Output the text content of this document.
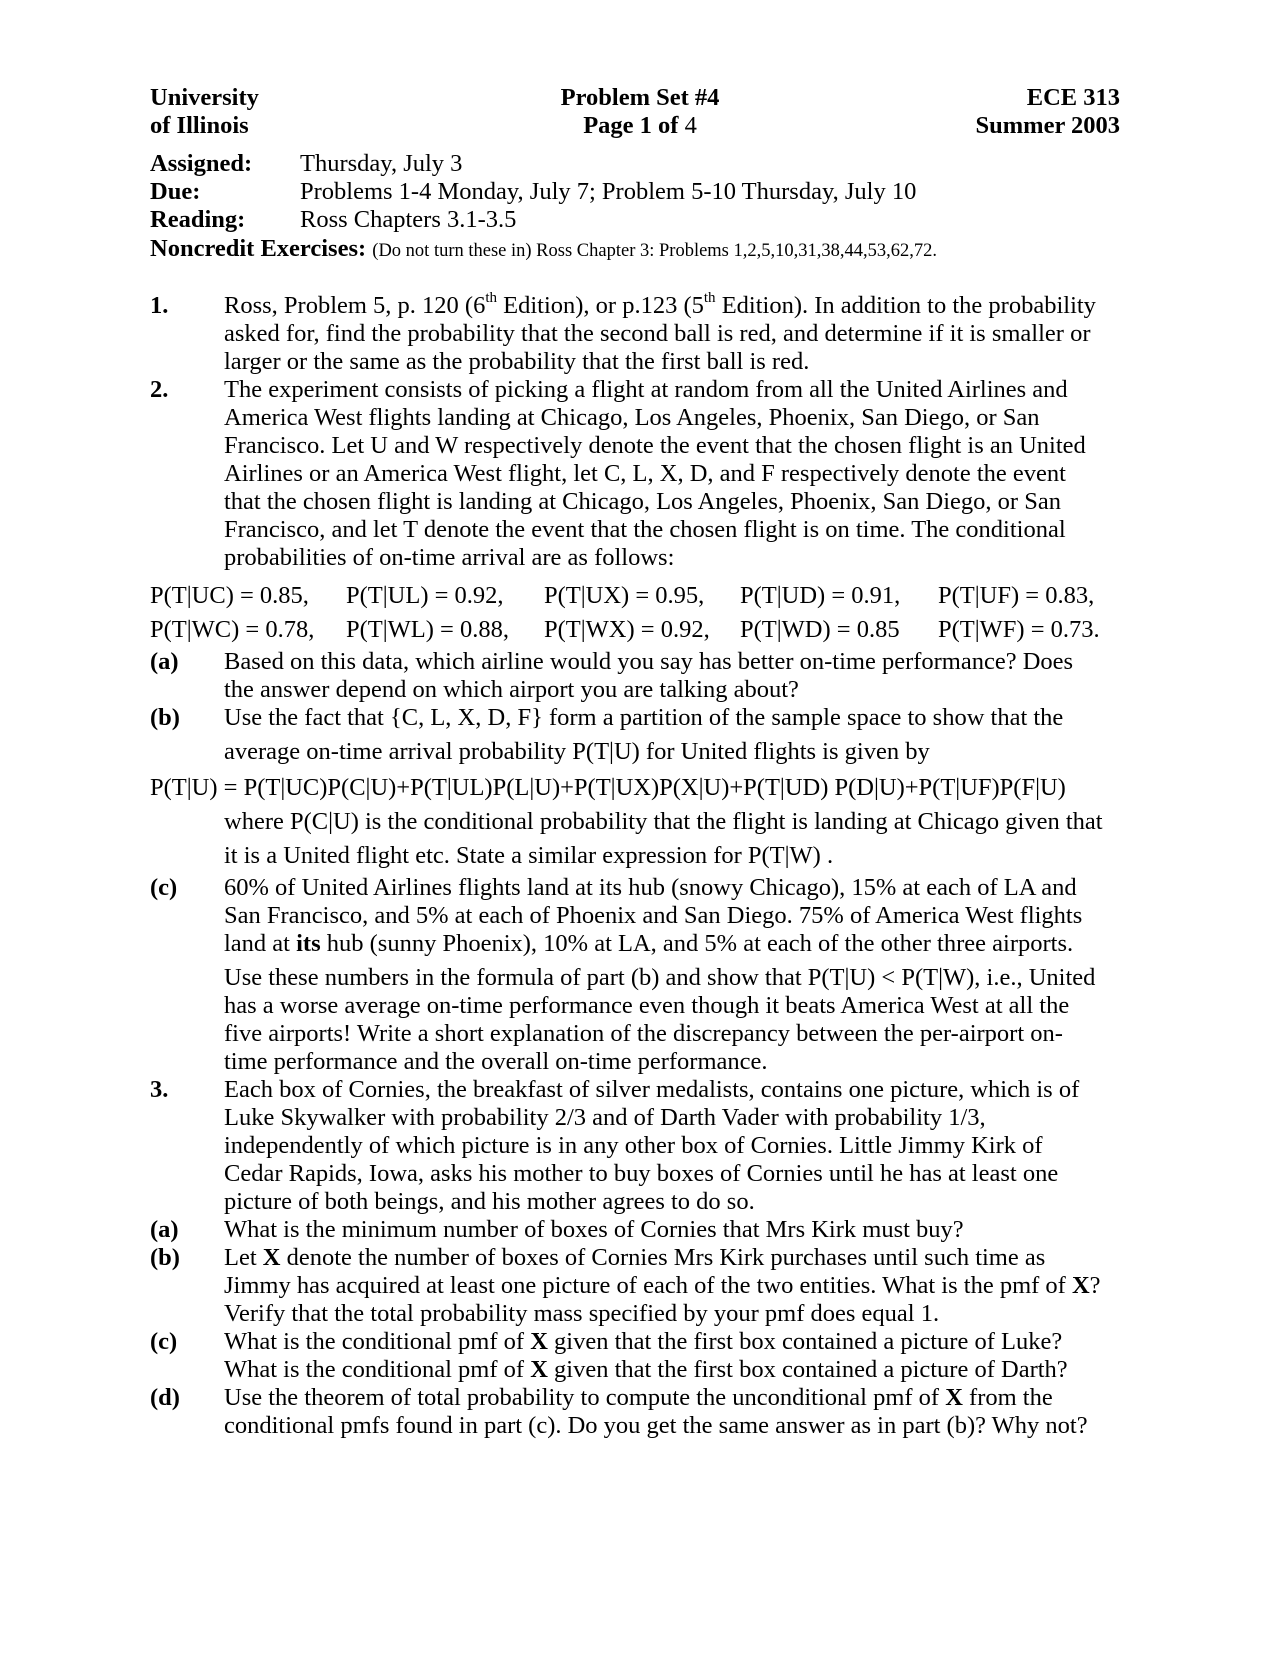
University
of Illinois
Problem Set #4
Page 1 of 4
ECE 313
Summer 2003
Assigned: Thursday, July 3
Due:	Problems 1-4 Monday, July 7; Problem 5-10 Thursday, July 10
Reading: Ross Chapters 3.1-3.5
Noncredit Exercises: (Do not turn these in) Ross Chapter 3: Problems 1,2,5,10,31,38,44,53,62,72.
1. Ross, Problem 5, p. 120 (6th Edition), or p.123 (5th Edition). In addition to the probability
asked for, find the probability that the second ball is red, and determine if it is smaller or
larger or the same as the probability that the first ball is red.
2. The experiment consists of picking a flight at random from all the United Airlines and
America West flights landing at Chicago, Los Angeles, Phoenix, San Diego, or San
Francisco. Let U and W respectively denote the event that the chosen flight is an United
Airlines or an America West flight, let C, L, X, D, and F respectively denote the event
that the chosen flight is landing at Chicago, Los Angeles, Phoenix, San Diego, or San
Francisco, and let T denote the event that the chosen flight is on time. The conditional
probabilities of on-time arrival are as follows:
P(T|UC) = 0.85, P(T|UL) = 0.92, P(T|UX) = 0.95, P(T|UD) = 0.91, P(T|UF) = 0.83,
P(T|WC) = 0.78, P(T|WL) = 0.88, P(T|WX) = 0.92, P(T|WD) = 0.85 P(T|WF) = 0.73.
(a) Based on this data, which airline would you say has better on-time performance? Does
the answer depend on which airport you are talking about?
(b) Use the fact that {C, L, X, D, F} form a partition of the sample space to show that the
average on-time arrival probability P(T|U) for United flights is given by
P(T|U) = P(T|UC)P(C|U)+P(T|UL)P(L|U)+P(T|UX)P(X|U)+P(T|UD) P(D|U)+P(T|UF)P(F|U)
where P(C|U) is the conditional probability that the flight is landing at Chicago given that
it is a United flight etc. State a similar expression for P(T|W) .
(c) 60% of United Airlines flights land at its hub (snowy Chicago), 15% at each of LA and
San Francisco, and 5% at each of Phoenix and San Diego. 75% of America West flights
land at its hub (sunny Phoenix), 10% at LA, and 5% at each of the other three airports.
Use these numbers in the formula of part (b) and show that P(T|U) < P(T|W), i.e., United
has a worse average on-time performance even though it beats America West at all the
five airports! Write a short explanation of the discrepancy between the per-airport on-
time performance and the overall on-time performance.
3. Each box of Cornies, the breakfast of silver medalists, contains one picture, which is of
Luke Skywalker with probability 2/3 and of Darth Vader with probability 1/3,
independently of which picture is in any other box of Cornies. Little Jimmy Kirk of
Cedar Rapids, Iowa, asks his mother to buy boxes of Cornies until he has at least one
picture of both beings, and his mother agrees to do so.
(a) What is the minimum number of boxes of Cornies that Mrs Kirk must buy?
(b) Let X denote the number of boxes of Cornies Mrs Kirk purchases until such time as
Jimmy has acquired at least one picture of each of the two entities. What is the pmf of X?
Verify that the total probability mass specified by your pmf does equal 1.
(c) What is the conditional pmf of X given that the first box contained a picture of Luke?
What is the conditional pmf of X given that the first box contained a picture of Darth?
(d) Use the theorem of total probability to compute the unconditional pmf of X from the
conditional pmfs found in part (c). Do you get the same answer as in part (b)? Why not?
